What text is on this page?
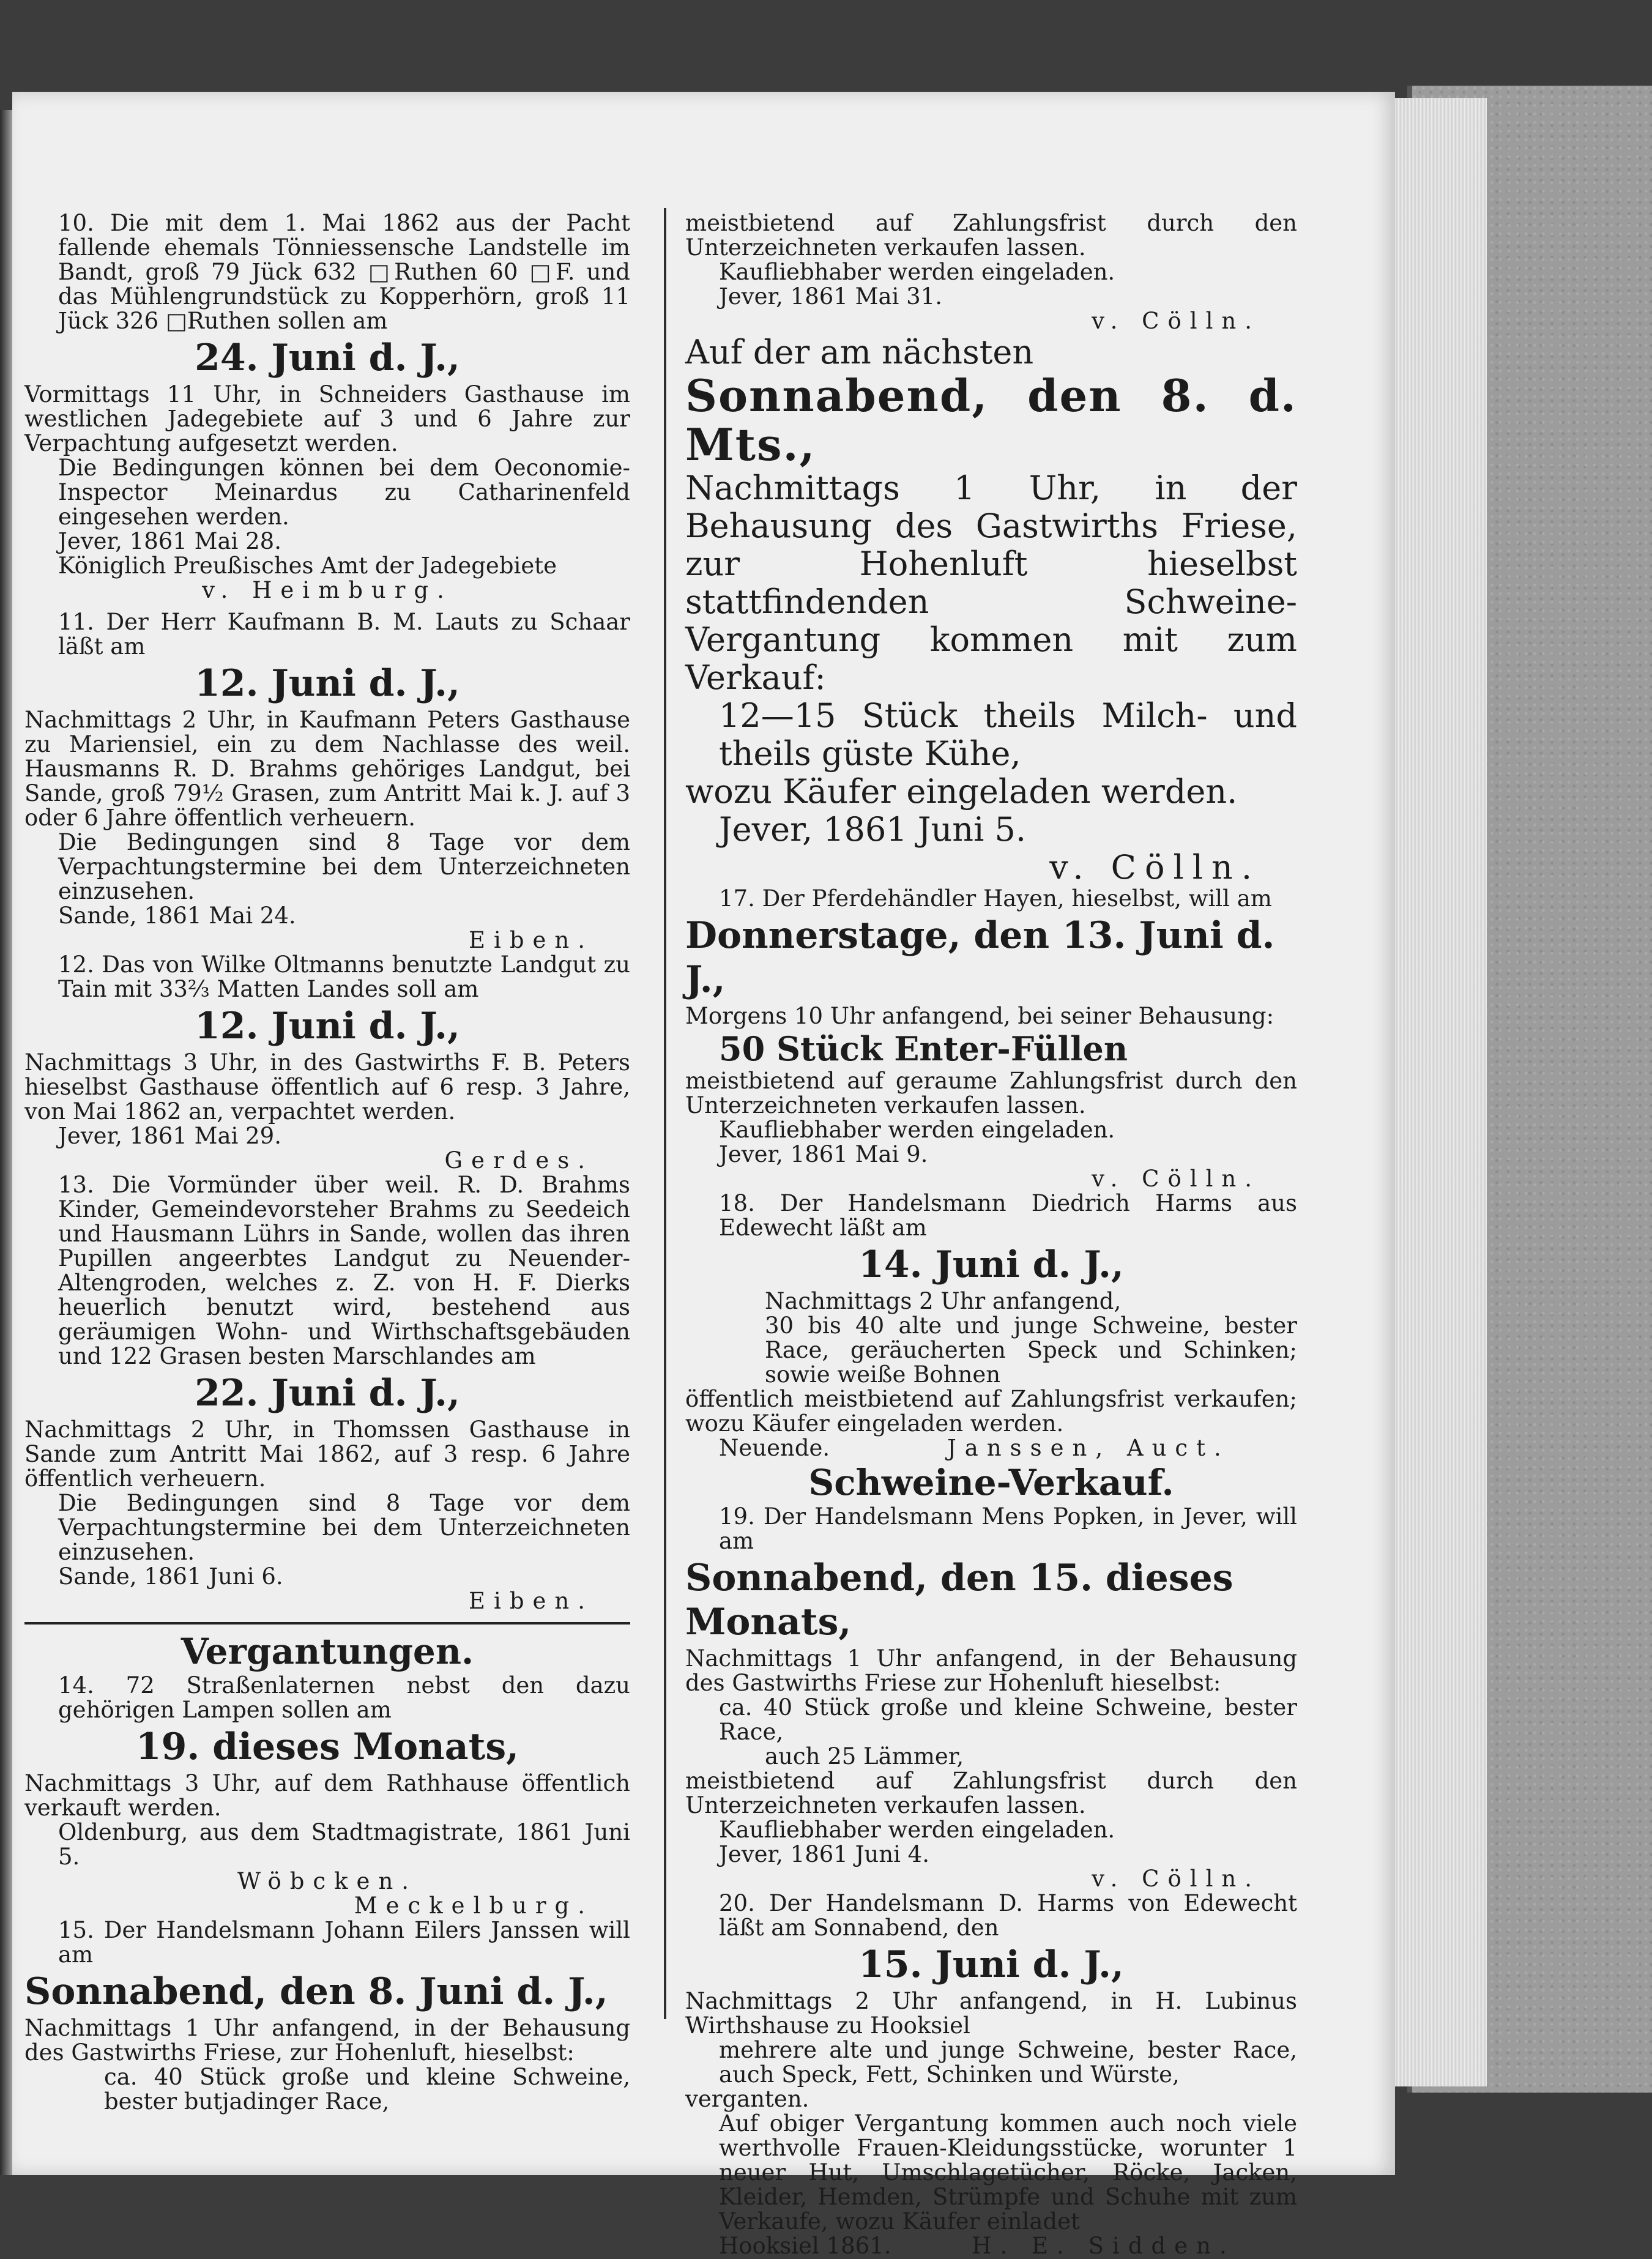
10. Die mit dem 1. Mai 1862 aus der Pacht fallende ehemals Tönniessensche Landstelle im Bandt, groß 79 Jück 632 □Ruthen 60 □F. und das Mühlengrundstück zu Kopperhörn, groß 11 Jück 326 □Ruthen sollen am

24. Juni d. J.,

Vormittags 11 Uhr, in Schneiders Gasthause im westlichen Jadegebiete auf 3 und 6 Jahre zur Verpachtung aufgesetzt werden.

Die Bedingungen können bei dem Oeconomie-Inspector Meinardus zu Catharinenfeld eingesehen werden.

Jever, 1861 Mai 28.

Königlich Preußisches Amt der Jadegebiete

v. Heimburg.

11. Der Herr Kaufmann B. M. Lauts zu Schaar läßt am

12. Juni d. J.,

Nachmittags 2 Uhr, in Kaufmann Peters Gasthause zu Mariensiel, ein zu dem Nachlasse des weil. Hausmanns R. D. Brahms gehöriges Landgut, bei Sande, groß 79½ Grasen, zum Antritt Mai k. J. auf 3 oder 6 Jahre öffentlich verheuern.

Die Bedingungen sind 8 Tage vor dem Verpachtungstermine bei dem Unterzeichneten einzusehen.

Sande, 1861 Mai 24.

Eiben.

12. Das von Wilke Oltmanns benutzte Landgut zu Tain mit 33⅔ Matten Landes soll am

12. Juni d. J.,

Nachmittags 3 Uhr, in des Gastwirths F. B. Peters hieselbst Gasthause öffentlich auf 6 resp. 3 Jahre, von Mai 1862 an, verpachtet werden.

Jever, 1861 Mai 29.

Gerdes.

13. Die Vormünder über weil. R. D. Brahms Kinder, Gemeindevorsteher Brahms zu Seedeich und Hausmann Lührs in Sande, wollen das ihren Pupillen angeerbtes Landgut zu Neuender-Altengroden, welches z. Z. von H. F. Dierks heuerlich benutzt wird, bestehend aus geräumigen Wohn- und Wirthschaftsgebäuden und 122 Grasen besten Marschlandes am

22. Juni d. J.,

Nachmittags 2 Uhr, in Thomssen Gasthause in Sande zum Antritt Mai 1862, auf 3 resp. 6 Jahre öffentlich verheuern.

Die Bedingungen sind 8 Tage vor dem Verpachtungstermine bei dem Unterzeichneten einzusehen.

Sande, 1861 Juni 6.

Eiben.

Vergantungen.

14. 72 Straßenlaternen nebst den dazu gehörigen Lampen sollen am

19. dieses Monats,

Nachmittags 3 Uhr, auf dem Rathhause öffentlich verkauft werden.

Oldenburg, aus dem Stadtmagistrate, 1861 Juni 5.

Wöbcken.

Meckelburg.

15. Der Handelsmann Johann Eilers Janssen will am

Sonnabend, den 8. Juni d. J.,

Nachmittags 1 Uhr anfangend, in der Behausung des Gastwirths Friese, zur Hohenluft, hieselbst:

ca. 40 Stück große und kleine Schweine, bester butjadinger Race,

meistbietend auf Zahlungsfrist durch den Unterzeichneten verkaufen lassen.

Kaufliebhaber werden eingeladen.

Jever, 1861 Mai 31.

v. Cölln.

Auf der am nächsten

Sonnabend, den 8. d. Mts.,

Nachmittags 1 Uhr, in der Behausung des Gastwirths Friese, zur Hohenluft hieselbst stattfindenden Schweine-Vergantung kommen mit zum Verkauf:

12—15 Stück theils Milch- und theils güste Kühe,

wozu Käufer eingeladen werden.

Jever, 1861 Juni 5.

v. Cölln.

17. Der Pferdehändler Hayen, hieselbst, will am

Donnerstage, den 13. Juni d. J.,

Morgens 10 Uhr anfangend, bei seiner Behausung:

50 Stück Enter-Füllen

meistbietend auf geraume Zahlungsfrist durch den Unterzeichneten verkaufen lassen.

Kaufliebhaber werden eingeladen.

Jever, 1861 Mai 9.

v. Cölln.

18. Der Handelsmann Diedrich Harms aus Edewecht läßt am

14. Juni d. J.,

Nachmittags 2 Uhr anfangend,

30 bis 40 alte und junge Schweine, bester Race, geräucherten Speck und Schinken; sowie weiße Bohnen

öffentlich meistbietend auf Zahlungsfrist verkaufen; wozu Käufer eingeladen werden.

Neuende.	Janssen, Auct.

Schweine-Verkauf.

19. Der Handelsmann Mens Popken, in Jever, will am

Sonnabend, den 15. dieses Monats,

Nachmittags 1 Uhr anfangend, in der Behausung des Gastwirths Friese zur Hohenluft hieselbst:

ca. 40 Stück große und kleine Schweine, bester Race,

auch 25 Lämmer,

meistbietend auf Zahlungsfrist durch den Unterzeichneten verkaufen lassen.

Kaufliebhaber werden eingeladen.

Jever, 1861 Juni 4.

v. Cölln.

20. Der Handelsmann D. Harms von Edewecht läßt am Sonnabend, den

15. Juni d. J.,

Nachmittags 2 Uhr anfangend, in H. Lubinus Wirthshause zu Hooksiel

mehrere alte und junge Schweine, bester Race, auch Speck, Fett, Schinken und Würste,

verganten.

Auf obiger Vergantung kommen auch noch viele werthvolle Frauen-Kleidungsstücke, worunter 1 neuer Hut, Umschlagetücher, Röcke, Jacken, Kleider, Hemden, Strümpfe und Schuhe mit zum Verkaufe, wozu Käufer einladet

Hooksiel 1861.	H. E. Sidden.
